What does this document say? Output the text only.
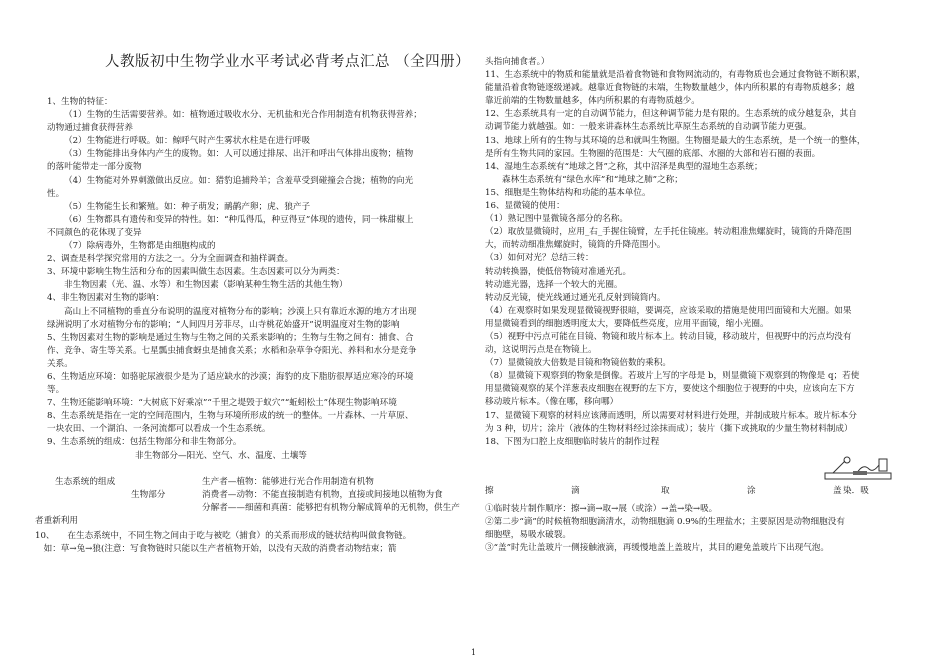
人教版初中生物学业水平考试必背考点汇总 （全四册）
1、生物的特征：
（1）生物的生活需要营养。如：植物通过吸收水分、无机盐和光合作用制造有机物获得营养；
动物通过捕食获得营养
（2）生物能进行呼吸。如：鲸呼气时产生雾状水柱是在进行呼吸
（3）生物能排出身体内产生的废物。如：人可以通过排尿、出汗和呼出气体排出废物；植物
的落叶能带走一部分废物
（4）生物能对外界刺激做出反应。如：猎豹追捕羚羊；含羞草受到碰撞会合拢；植物的向光
性。
（5）生物能生长和繁殖。如：种子萌发；鸸鹋产卵；虎、狼产子
（6）生物都具有遗传和变异的特性。如：“种瓜得瓜，种豆得豆”体现的遗传，同一株甜椒上
不同颜色的花体现了变异
（7）除病毒外，生物都是由细胞构成的
2、调查是科学探究常用的方法之一。分为全面调查和抽样调查。
3、环境中影响生物生活和分布的因素叫做生态因素。生态因素可以分为两类：
非生物因素（光、温、水等）和生物因素（影响某种生物生活的其他生物）
4、非生物因素对生物的影响：
高山上不同植物的垂直分布说明的温度对植物分布的影响；沙漠上只有靠近水源的地方才出现
绿洲说明了水对植物分布的影响；“人间四月芳菲尽，山寺桃花始盛开”说明温度对生物的影响
5、生物因素对生物的影响是通过生物与生物之间的关系来影响的；生物与生物之间有：捕食、合
作、竞争、寄生等关系。七星瓢虫捕食蚜虫是捕食关系；水稻和杂草争夺阳光、养料和水分是竞争
关系。
6、生物适应环境：如骆驼尿液很少是为了适应缺水的沙漠；海豹的皮下脂肪很厚适应寒冷的环境
等。
7、生物还能影响环境：“大树底下好乘凉”“千里之堤毁于蚁穴”“蚯蚓松土”体现生物影响环境
8、生态系统是指在一定的空间范围内，生物与环境所形成的统一的整体。一片森林、一片草原、
一块农田、一个湖泊、一条河流都可以看成一个生态系统。
9、生态系统的组成：包括生物部分和非生物部分。
非生物部分—阳光、空气、水、温度、土壤等
生态系统的组成	生产者—植物：能够进行光合作用制造有机物
生物部分	消费者—动物：不能直接制造有机物，直接或间接地以植物为食
分解者——细菌和真菌：能够把有机物分解成简单的无机物，供生产
者重新利用
10、　　在生态系统中，不同生物之间由于吃与被吃（捕食）的关系而形成的链状结构叫做食物链。
　如：草→兔→狼(注意：写食物链时只能以生产者植物开始，以没有天敌的消费者动物结束；箭
头指向捕食者。）
11、生态系统中的物质和能量就是沿着食物链和食物网流动的，有毒物质也会通过食物链不断积累，
能量沿着食物链逐级递减。越靠近食物链的末端，生物数量越少，体内所积累的有毒物质越多；越
靠近前端的生物数量越多，体内所积累的有毒物质越少。
12、生态系统具有一定的自动调节能力，但这种调节能力是有限的。生态系统的成分越复杂，其自
动调节能力就越强。如：一般来讲森林生态系统比草原生态系统的自动调节能力更强。
13、地球上所有的生物与其环境的总和就叫生物圈。生物圈是最大的生态系统，是一个统一的整体，
是所有生物共同的家园。生物圈的范围是：大气圈的底部、水圈的大部和岩石圈的表面。
14、湿地生态系统有“地球之肾”之称，其中沼泽是典型的湿地生态系统；
森林生态系统有“绿色水库”和“地球之肺”之称；
15、细胞是生物体结构和功能的基本单位。
16、显微镜的使用：
（1）熟记图中显微镜各部分的名称。
（2）取放显微镜时，应用_右_手握住镜臂，左手托住镜座。转动粗准焦螺旋时，镜筒的升降范围
大，而转动细准焦螺旋时，镜筒的升降范围小。
（3）如何对光？总结三转：
转动转换器，使低倍物镜对准通光孔。
转动遮光器，选择一个较大的光圈。
转动反光镜，使光线通过通光孔反射到镜筒内。
（4）在观察时如果发现显微镜视野很暗，要调亮，应该采取的措施是使用凹面镜和大光圈。如果
用显微镜看到的细胞透明度太大，要降低些亮度，应用平面镜，缩小光圈。
（5）视野中污点可能在目镜、物镜和玻片标本上。转动目镜，移动玻片，但视野中的污点均没有
动，这说明污点是在物镜上。
（7）显微镜放大倍数是目镜和物镜倍数的乘积。
（8）显微镜下观察到的物象是倒像。若玻片上写的字母是 b，则显微镜下观察到的物像是 q；若使
用显微镜观察的某个洋葱表皮细胞在视野的左下方，要使这个细胞位于视野的中央，应该向左下方
移动玻片标本。（像在哪，移向哪）
17、显微镜下观察的材料应该薄而透明，所以需要对材料进行处理，并制成玻片标本。玻片标本分
为 3 种，切片；涂片（液体的生物材料经过涂抹而成）；装片（撕下或挑取的少量生物材料制成）
18、下图为口腔上皮细胞临时装片的制作过程
擦	滴	取	涂	盖 染．吸
①临时装片制作顺序：擦→滴→取→展（或涂）→盖→染→吸。
②第二步“滴”的时候植物细胞滴清水，动物细胞滴 0.9%的生理盐水；主要原因是动物细胞没有
细胞壁，易吸水破裂。
③“盖”时先让盖玻片一侧接触液滴，再缓慢地盖上盖玻片，其目的避免盖玻片下出现气泡。
1
